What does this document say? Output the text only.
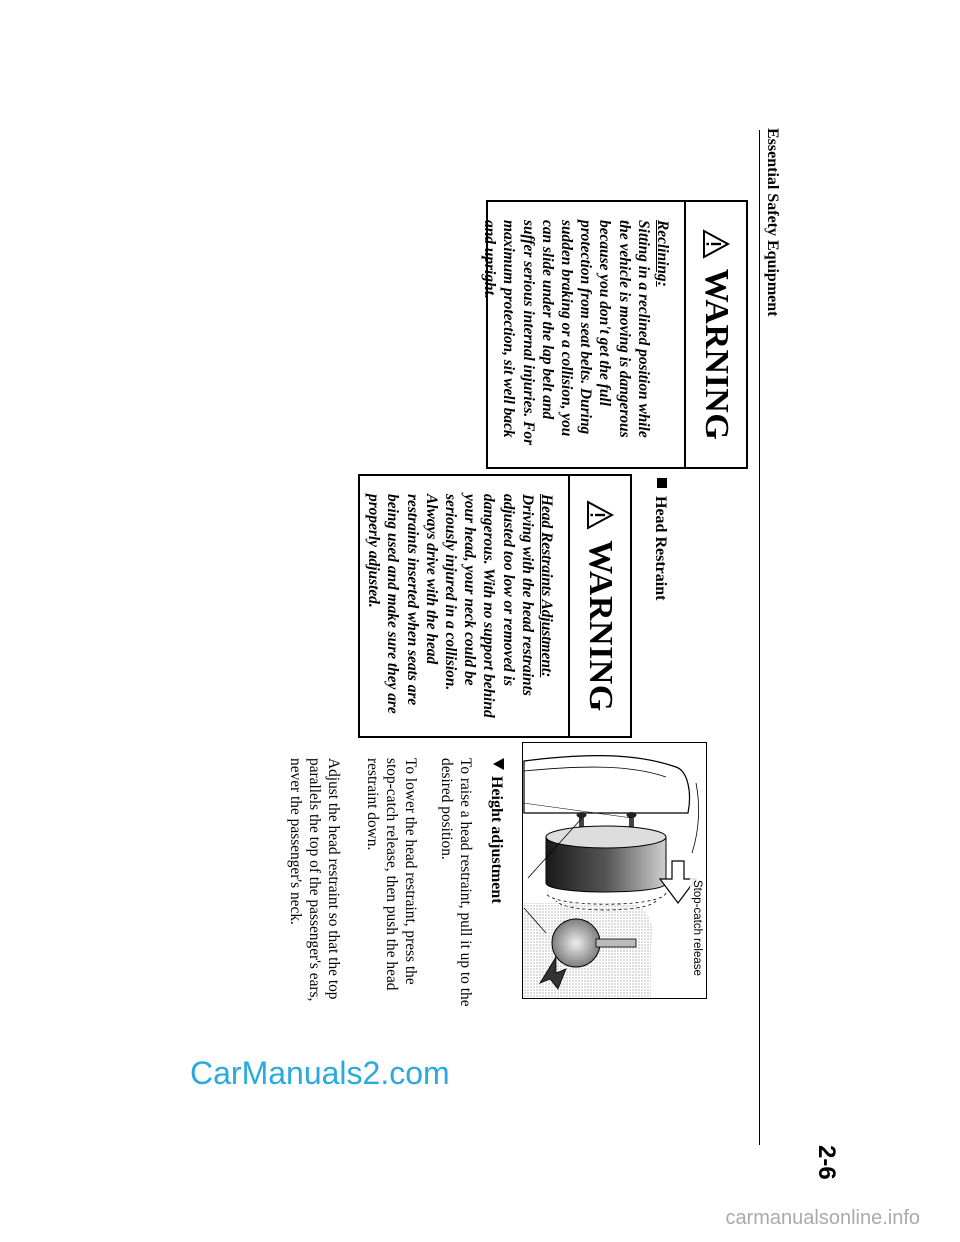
Essential Safety Equipment
WARNING
Reclining:
Sitting in a reclined position while the vehicle is moving is dangerous because you don't get the full protection from seat belts. During sudden braking or a collision, you can slide under the lap belt and suffer serious internal injuries. For maximum protection, sit well back and upright.
Head Restraint
WARNING
Head Restraints Adjustment:
Driving with the head restraints adjusted too low or removed is dangerous. With no support behind your head, your neck could be seriously injured in a collision. Always drive with the head restraints inserted when seats are being used and make sure they are properly adjusted.
Stop-catch release
Height adjustment
To raise a head restraint, pull it up to the desired position.
To lower the head restraint, press the stop-catch release, then push the head restraint down.
Adjust the head restraint so that the top parallels the top of the passenger's ears, never the passenger's neck.
2-6
CarManuals2.com
carmanualsonline.info
